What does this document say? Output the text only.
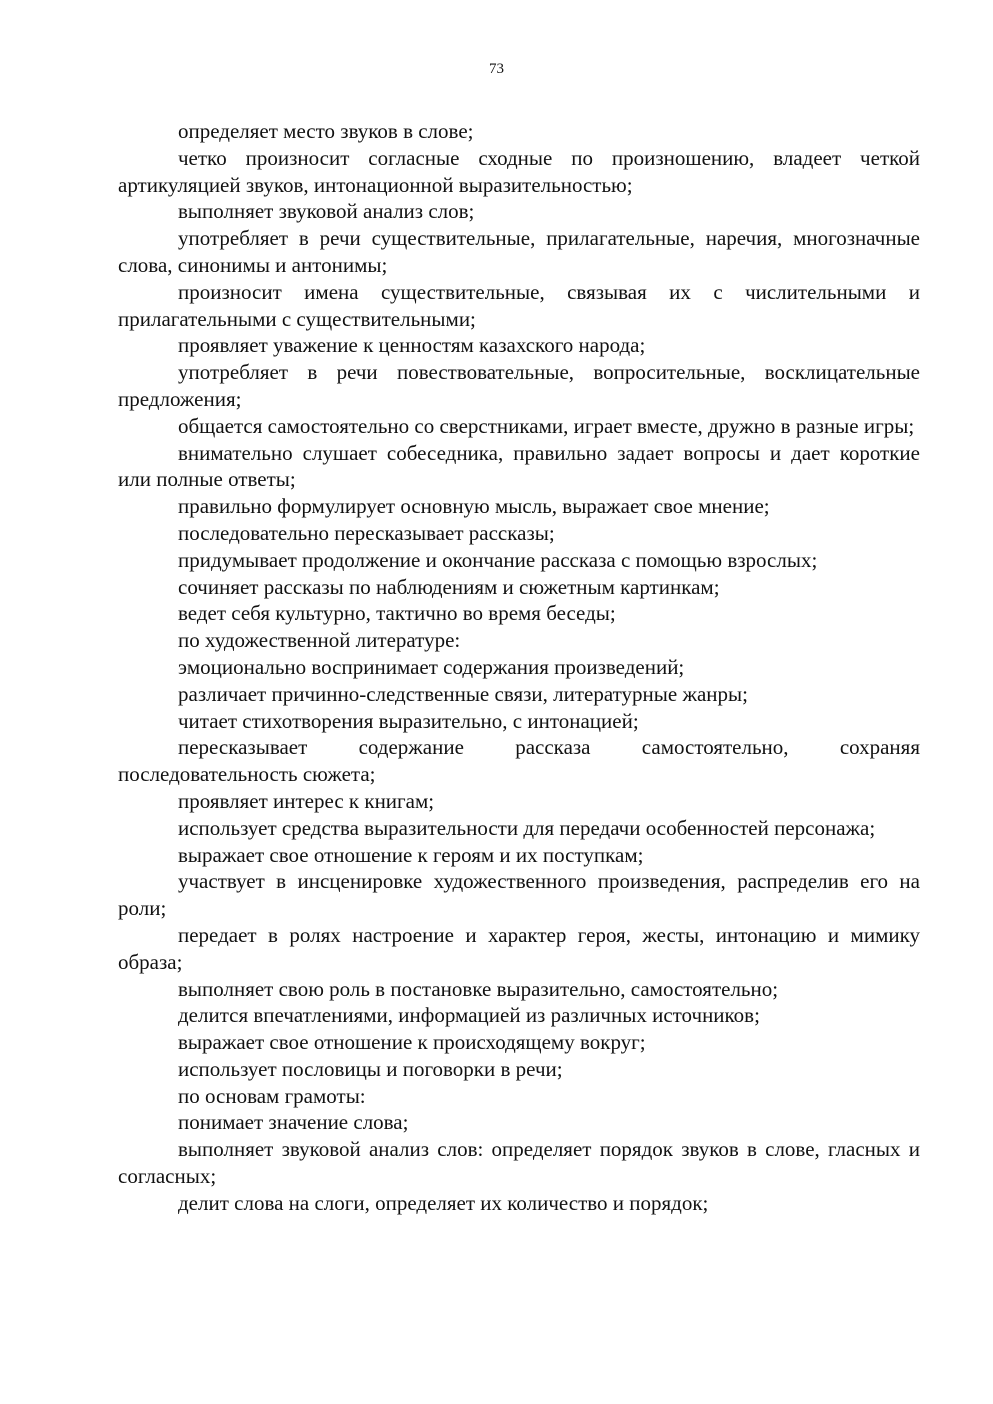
73

определяет место звуков в слове;

четко произносит согласные сходные по произношению, владеет четкой артикуляцией звуков, интонационной выразительностью;

выполняет звуковой анализ слов;

употребляет в речи существительные, прилагательные, наречия, многозначные слова, синонимы и антонимы;

произносит имена существительные, связывая их с числительными и прилагательными с существительными;

проявляет уважение к ценностям казахского народа;

употребляет в речи повествовательные, вопросительные, восклицательные предложения;

общается самостоятельно со сверстниками, играет вместе, дружно в разные игры;

внимательно слушает собеседника, правильно задает вопросы и дает короткие или полные ответы;

правильно формулирует основную мысль, выражает свое мнение;

последовательно пересказывает рассказы;

придумывает продолжение и окончание рассказа с помощью взрослых;

сочиняет рассказы по наблюдениям и сюжетным картинкам;

ведет себя культурно, тактично во время беседы;

по художественной литературе:

эмоционально воспринимает содержания произведений;

различает причинно-следственные связи, литературные жанры;

читает стихотворения выразительно, с интонацией;

пересказывает содержание рассказа самостоятельно, сохраняя последовательность сюжета;

проявляет интерес к книгам;

использует средства выразительности для передачи особенностей персонажа;

выражает свое отношение к героям и их поступкам;

участвует в инсценировке художественного произведения, распределив его на роли;

передает в ролях настроение и характер героя, жесты, интонацию и мимику образа;

выполняет свою роль в постановке выразительно, самостоятельно;

делится впечатлениями, информацией из различных источников;

выражает свое отношение к происходящему вокруг;

использует пословицы и поговорки в речи;

по основам грамоты:

понимает значение слова;

выполняет звуковой анализ слов: определяет порядок звуков в слове, гласных и согласных;

делит слова на слоги, определяет их количество и порядок;
